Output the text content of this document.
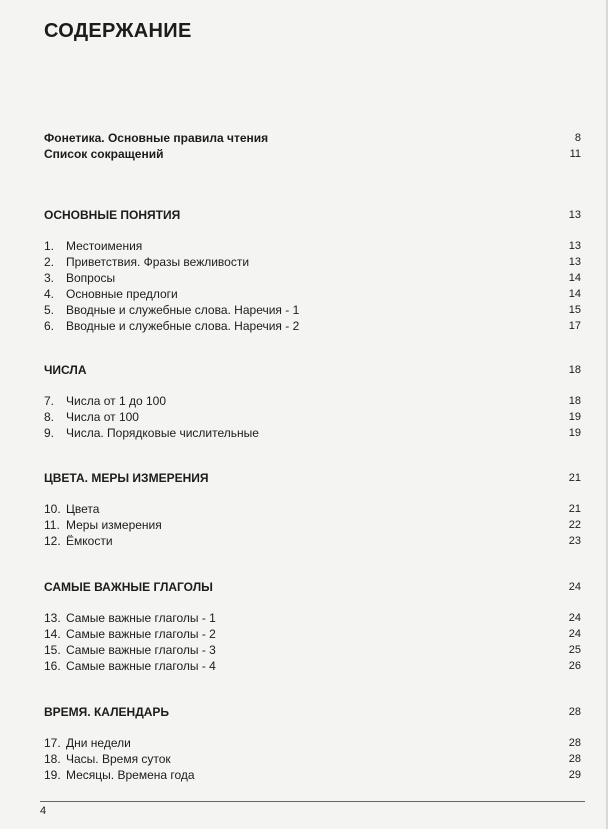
СОДЕРЖАНИЕ
Фонетика. Основные правила чтения	8
Список сокращений	11
ОСНОВНЫЕ ПОНЯТИЯ	13
1. Местоимения	13
2. Приветствия. Фразы вежливости	13
3. Вопросы	14
4. Основные предлоги	14
5. Вводные и служебные слова. Наречия - 1	15
6. Вводные и служебные слова. Наречия - 2	17
ЧИСЛА	18
7. Числа от 1 до 100	18
8. Числа от 100	19
9. Числа. Порядковые числительные	19
ЦВЕТА. МЕРЫ ИЗМЕРЕНИЯ	21
10. Цвета	21
11. Меры измерения	22
12. Ёмкости	23
САМЫЕ ВАЖНЫЕ ГЛАГОЛЫ	24
13. Самые важные глаголы - 1	24
14. Самые важные глаголы - 2	24
15. Самые важные глаголы - 3	25
16. Самые важные глаголы - 4	26
ВРЕМЯ. КАЛЕНДАРЬ	28
17. Дни недели	28
18. Часы. Время суток	28
19. Месяцы. Времена года	29
4
